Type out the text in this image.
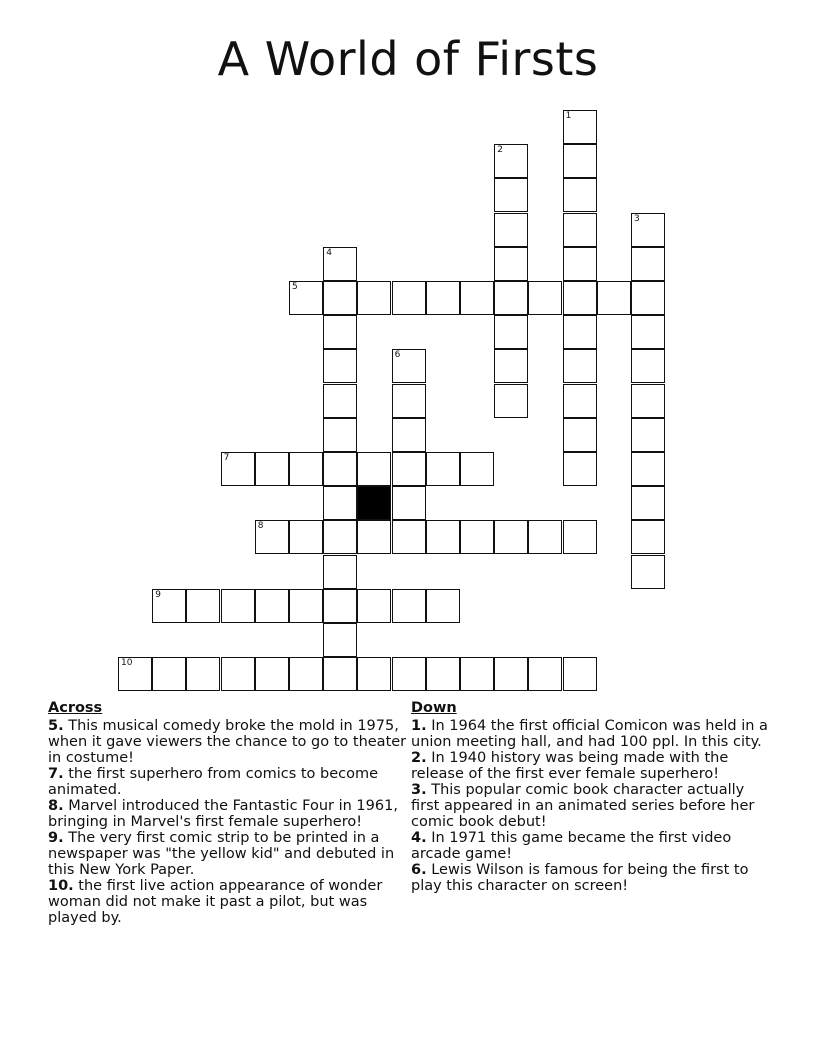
A World of Firsts
1
2
3
4
6
5
7
8
9
10
Across
5. This musical comedy broke the mold in 1975, when it gave viewers the chance to go to theater in costume!
7. the first superhero from comics to become animated.
8. Marvel introduced the Fantastic Four in 1961, bringing in Marvel's first female superhero!
9. The very first comic strip to be printed in a newspaper was "the yellow kid" and debuted in this New York Paper.
10. the first live action appearance of wonder woman did not make it past a pilot, but was played by.
Down
1. In 1964 the first official Comicon was held in a union meeting hall, and had 100 ppl. In this city.
2. In 1940 history was being made with the release of the first ever female superhero!
3. This popular comic book character actually first appeared in an animated series before her comic book debut!
4. In 1971 this game became the first video arcade game!
6. Lewis Wilson is famous for being the first to play this character on screen!
